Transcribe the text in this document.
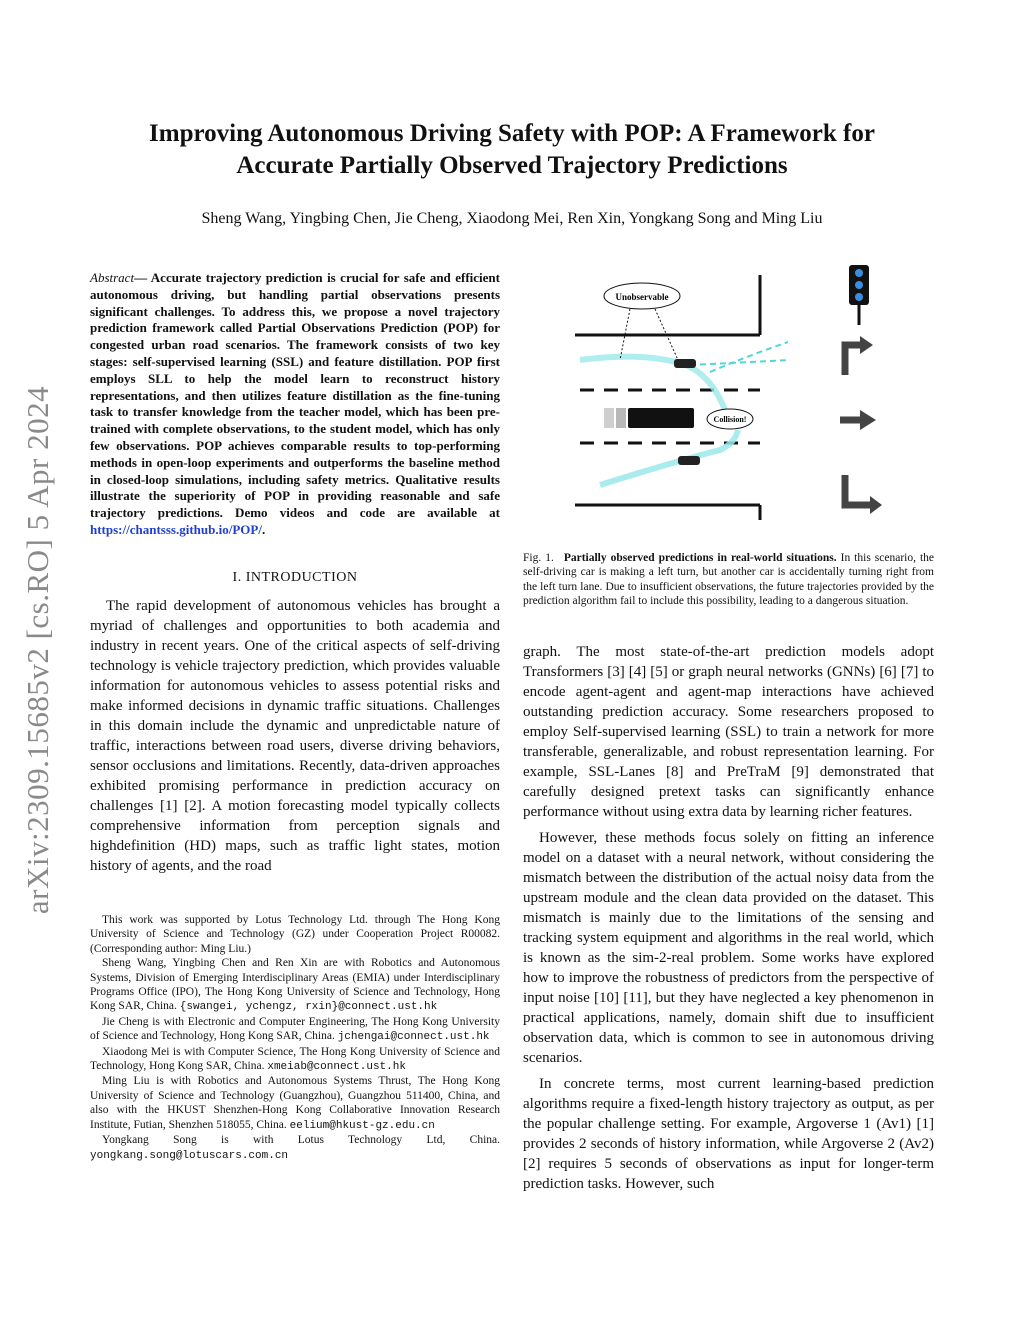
arXiv:2309.15685v2 [cs.RO] 5 Apr 2024
Improving Autonomous Driving Safety with POP: A Framework for
Accurate Partially Observed Trajectory Predictions
Sheng Wang, Yingbing Chen, Jie Cheng, Xiaodong Mei, Ren Xin, Yongkang Song and Ming Liu
Abstract— Accurate trajectory prediction is crucial for safe and efficient autonomous driving, but handling partial observations presents significant challenges. To address this, we propose a novel trajectory prediction framework called Partial Observations Prediction (POP) for congested urban road scenarios. The framework consists of two key stages: self-supervised learning (SSL) and feature distillation. POP first employs SLL to help the model learn to reconstruct history representations, and then utilizes feature distillation as the fine-tuning task to transfer knowledge from the teacher model, which has been pre-trained with complete observations, to the student model, which has only few observations. POP achieves comparable results to top-performing methods in open-loop experiments and outperforms the baseline method in closed-loop simulations, including safety metrics. Qualitative results illustrate the superiority of POP in providing reasonable and safe trajectory predictions. Demo videos and code are available at https://chantsss.github.io/POP/.
I. INTRODUCTION

The rapid development of autonomous vehicles has brought a myriad of challenges and opportunities to both academia and industry in recent years. One of the critical aspects of self-driving technology is vehicle trajectory prediction, which provides valuable information for autonomous vehicles to assess potential risks and make informed decisions in dynamic traffic situations. Challenges in this domain include the dynamic and unpredictable nature of traffic, interactions between road users, diverse driving behaviors, sensor occlusions and limitations. Recently, data-driven approaches exhibited promising performance in prediction accuracy on challenges [1] [2]. A motion forecasting model typically collects comprehensive information from perception signals and highdefinition (HD) maps, such as traffic light states, motion history of agents, and the road

This work was supported by Lotus Technology Ltd. through The Hong Kong University of Science and Technology (GZ) under Cooperation Project R00082. (Corresponding author: Ming Liu.)

Sheng Wang, Yingbing Chen and Ren Xin are with Robotics and Autonomous Systems, Division of Emerging Interdisciplinary Areas (EMIA) under Interdisciplinary Programs Office (IPO), The Hong Kong University of Science and Technology, Hong Kong SAR, China. {swangei, ychengz, rxin}@connect.ust.hk

Jie Cheng is with Electronic and Computer Engineering, The Hong Kong University of Science and Technology, Hong Kong SAR, China. jchengai@connect.ust.hk

Xiaodong Mei is with Computer Science, The Hong Kong University of Science and Technology, Hong Kong SAR, China. xmeiab@connect.ust.hk

Ming Liu is with Robotics and Autonomous Systems Thrust, The Hong Kong University of Science and Technology (Guangzhou), Guangzhou 511400, China, and also with the HKUST Shenzhen-Hong Kong Collaborative Innovation Research Institute, Futian, Shenzhen 518055, China. eelium@hkust-gz.edu.cn

Yongkang Song is with Lotus Technology Ltd, China. yongkang.song@lotuscars.com.cn

Unobservable
Collision!
Fig. 1. Partially observed predictions in real-world situations. In this scenario, the self-driving car is making a left turn, but another car is accidentally turning right from the left turn lane. Due to insufficient observations, the future trajectories provided by the prediction algorithm fail to include this possibility, leading to a dangerous situation.

graph. The most state-of-the-art prediction models adopt Transformers [3] [4] [5] or graph neural networks (GNNs) [6] [7] to encode agent-agent and agent-map interactions have achieved outstanding prediction accuracy. Some researchers proposed to employ Self-supervised learning (SSL) to train a network for more transferable, generalizable, and robust representation learning. For example, SSL-Lanes [8] and PreTraM [9] demonstrated that carefully designed pretext tasks can significantly enhance performance without using extra data by learning richer features.

However, these methods focus solely on fitting an inference model on a dataset with a neural network, without considering the mismatch between the distribution of the actual noisy data from the upstream module and the clean data provided on the dataset. This mismatch is mainly due to the limitations of the sensing and tracking system equipment and algorithms in the real world, which is known as the sim-2-real problem. Some works have explored how to improve the robustness of predictors from the perspective of input noise [10] [11], but they have neglected a key phenomenon in practical applications, namely, domain shift due to insufficient observation data, which is common to see in autonomous driving scenarios.

In concrete terms, most current learning-based prediction algorithms require a fixed-length history trajectory as output, as per the popular challenge setting. For example, Argoverse 1 (Av1) [1] provides 2 seconds of history information, while Argoverse 2 (Av2) [2] requires 5 seconds of observations as input for longer-term prediction tasks. However, such
